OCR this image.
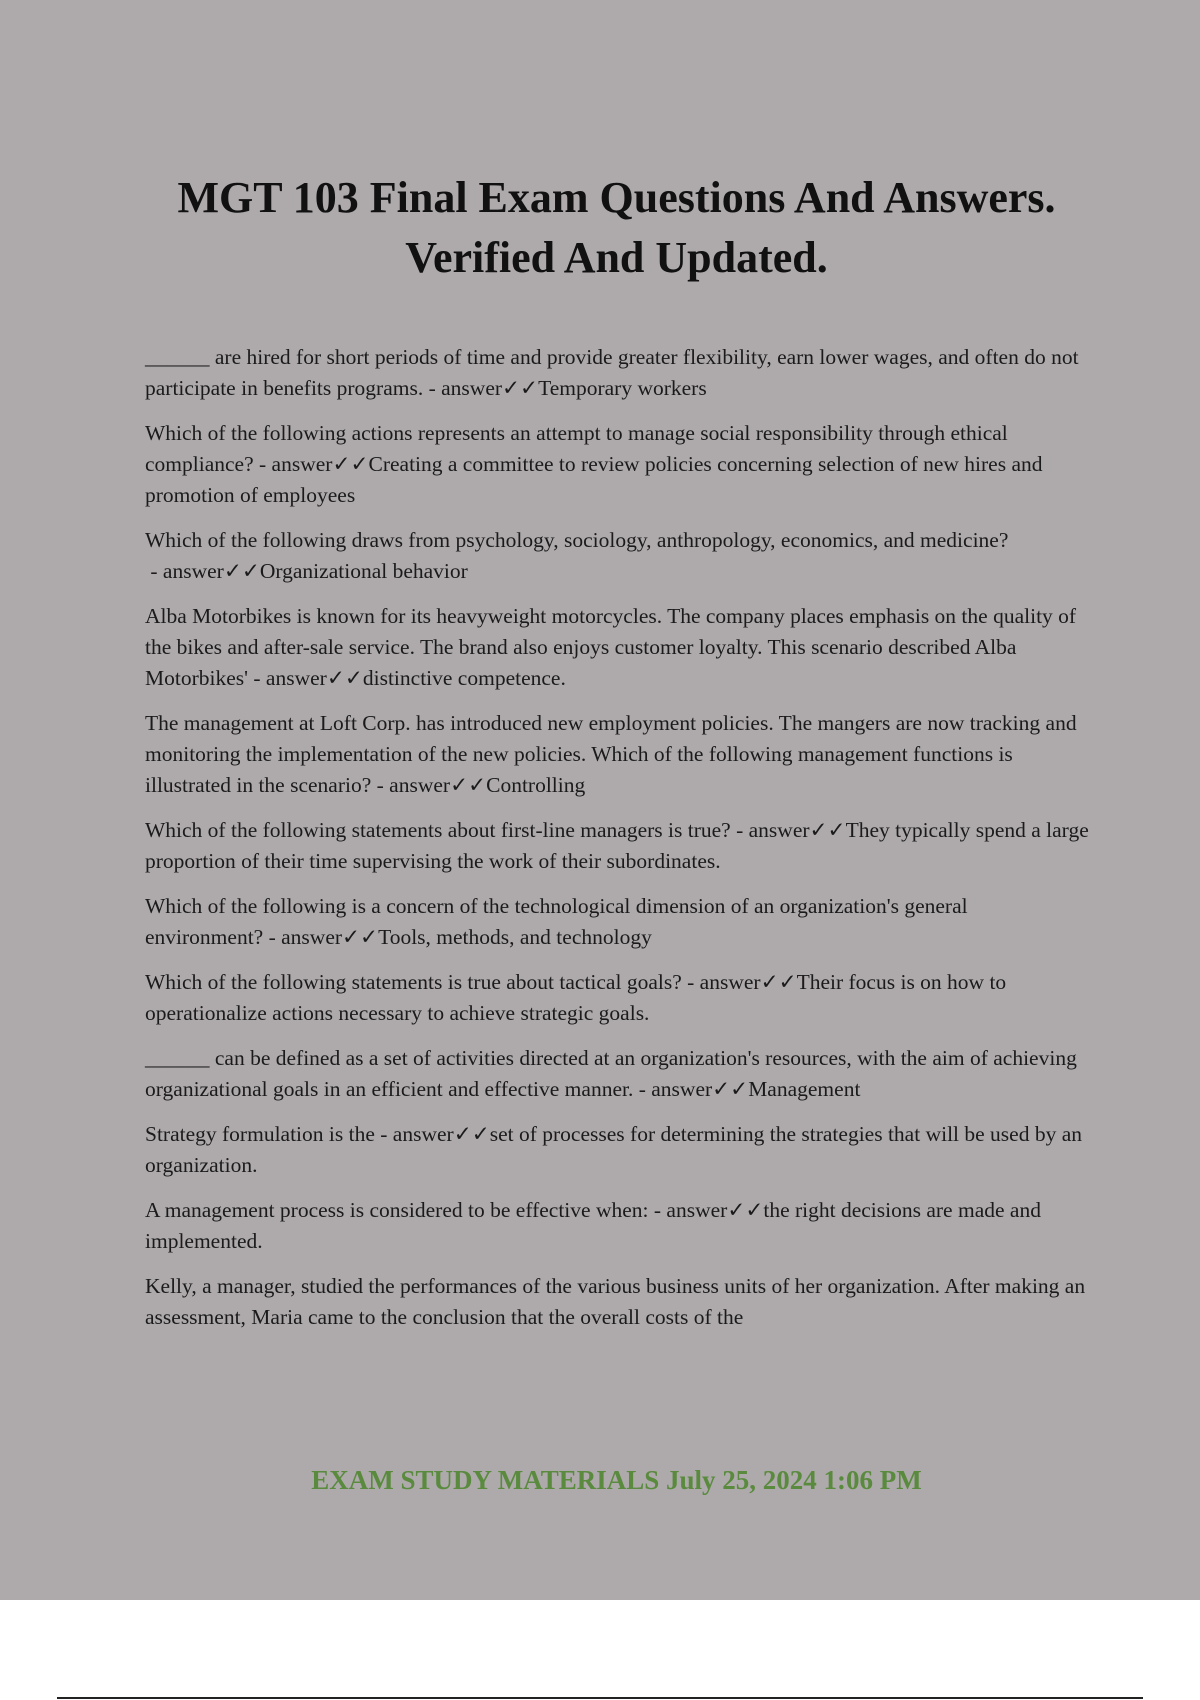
MGT 103 Final Exam Questions And Answers. Verified And Updated.
______ are hired for short periods of time and provide greater flexibility, earn lower wages, and often do not participate in benefits programs. - answer✓✓Temporary workers
Which of the following actions represents an attempt to manage social responsibility through ethical compliance? - answer✓✓Creating a committee to review policies concerning selection of new hires and promotion of employees
Which of the following draws from psychology, sociology, anthropology, economics, and medicine? - answer✓✓Organizational behavior
Alba Motorbikes is known for its heavyweight motorcycles. The company places emphasis on the quality of the bikes and after-sale service. The brand also enjoys customer loyalty. This scenario described Alba Motorbikes' - answer✓✓distinctive competence.
The management at Loft Corp. has introduced new employment policies. The mangers are now tracking and monitoring the implementation of the new policies. Which of the following management functions is illustrated in the scenario? - answer✓✓Controlling
Which of the following statements about first-line managers is true? - answer✓✓They typically spend a large proportion of their time supervising the work of their subordinates.
Which of the following is a concern of the technological dimension of an organization's general environment? - answer✓✓Tools, methods, and technology
Which of the following statements is true about tactical goals? - answer✓✓Their focus is on how to operationalize actions necessary to achieve strategic goals.
______ can be defined as a set of activities directed at an organization's resources, with the aim of achieving organizational goals in an efficient and effective manner. - answer✓✓Management
Strategy formulation is the - answer✓✓set of processes for determining the strategies that will be used by an organization.
A management process is considered to be effective when: - answer✓✓the right decisions are made and implemented.
Kelly, a manager, studied the performances of the various business units of her organization. After making an assessment, Maria came to the conclusion that the overall costs of the

EXAM STUDY MATERIALS July 25, 2024 1:06 PM
